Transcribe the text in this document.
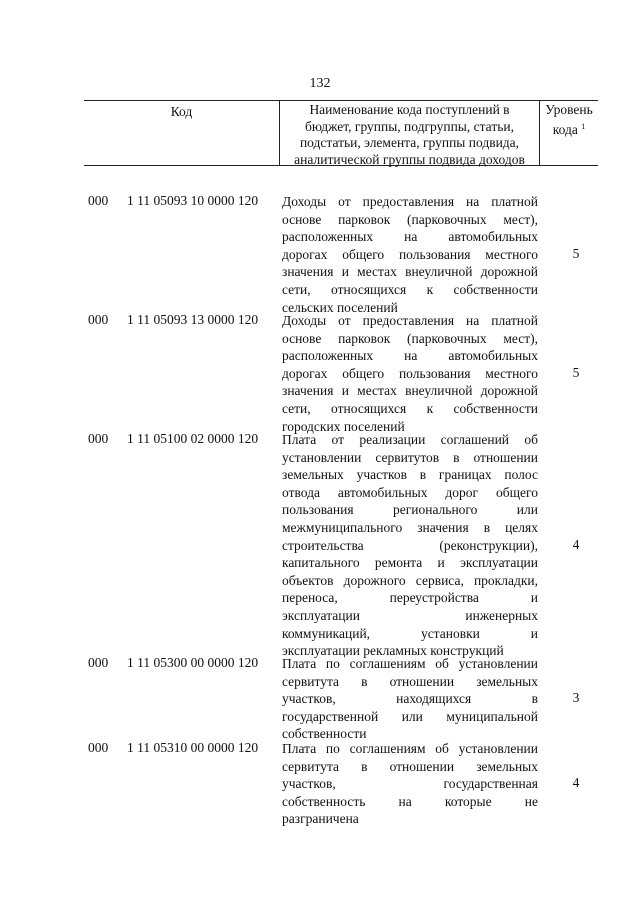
132
Код	Наименование кода поступлений в
бюджет, группы, подгруппы, статьи,
подстатьи, элемента, группы подвида,
аналитической группы подвида доходов
Уровень
кода $^1$
000 1 11 05093 10 0000 120 Доходы от предоставления на платной
основе парковок (парковочных мест),
расположенных на автомобильных
дорогах общего пользования местного
значения и местах внеуличной дорожной
сети, относящихся к собственности
сельских поселений
5
000 1 11 05093 13 0000 120 Доходы от предоставления на платной
основе парковок (парковочных мест),
расположенных на автомобильных
дорогах общего пользования местного
значения и местах внеуличной дорожной
сети, относящихся к собственности
городских поселений
5
000 1 11 05100 02 0000 120 Плата от реализации соглашений об
установлении сервитутов в отношении
земельных участков в границах полос
отвода автомобильных дорог общего
пользования регионального или
межмуниципального значения в целях
строительства (реконструкции),
капитального ремонта и эксплуатации
объектов дорожного сервиса, прокладки,
переноса, переустройства и
эксплуатации инженерных
коммуникаций, установки и
эксплуатации рекламных конструкций
4
000 1 11 05300 00 0000 120 Плата по соглашениям об установлении
сервитута в отношении земельных
участков, находящихся в
государственной или муниципальной
собственности
3
000 1 11 05310 00 0000 120 Плата по соглашениям об установлении
сервитута в отношении земельных
участков, государственная
собственность на которые не
разграничена
4
